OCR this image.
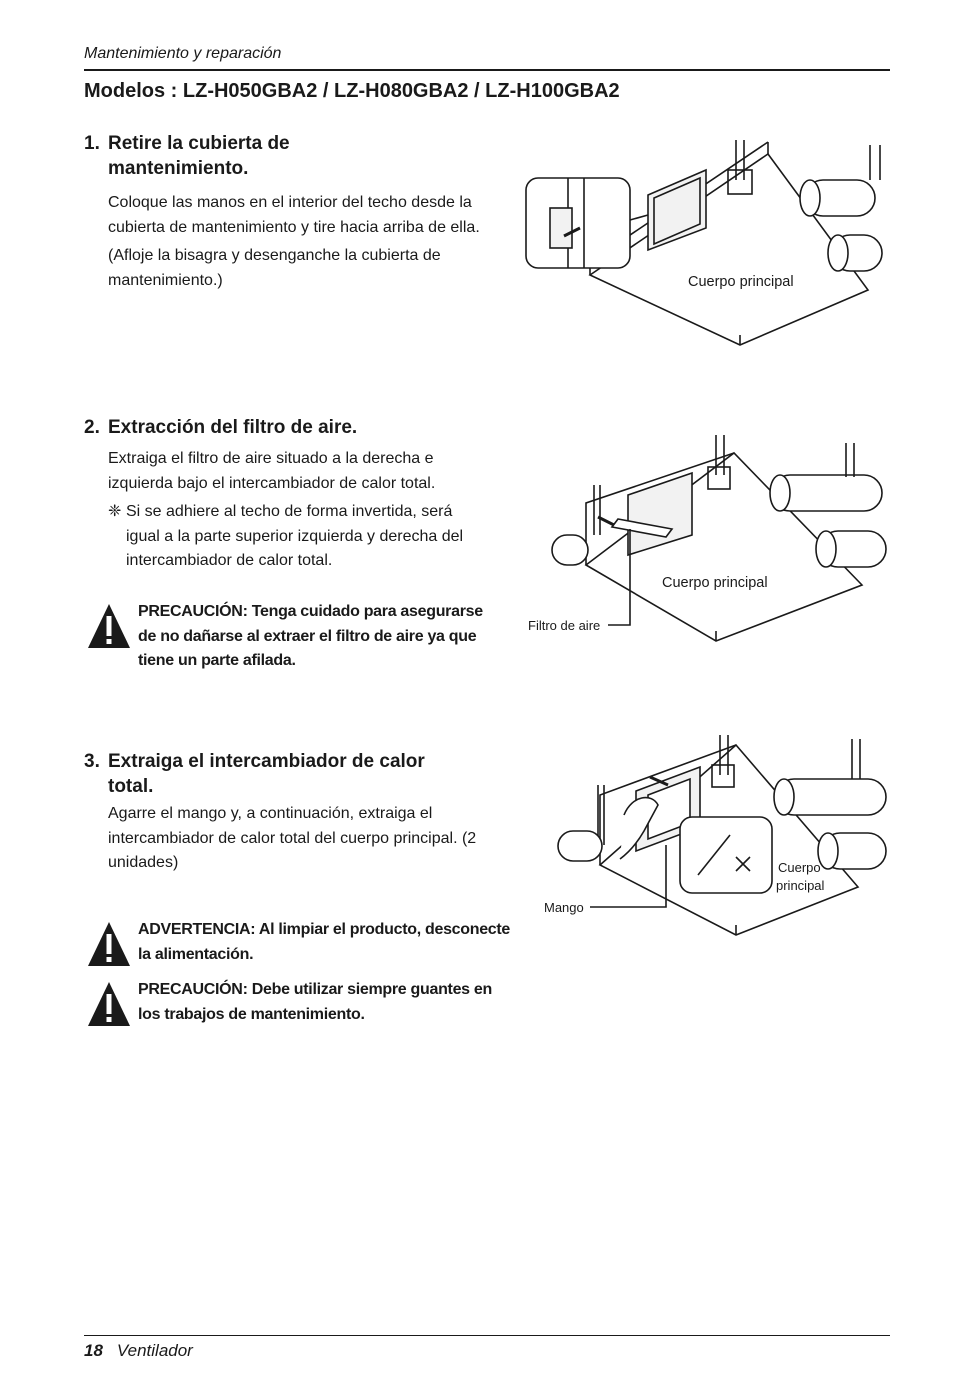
Mantenimiento y reparación
Modelos : LZ-H050GBA2 / LZ-H080GBA2 / LZ-H100GBA2
1. Retire la cubierta de
mantenimiento.

Coloque las manos en el interior del techo desde la cubierta de mantenimiento y tire hacia arriba de ella.

(Afloje la bisagra y desenganche la cubierta de mantenimiento.)	Cuerpo principal
2. Extracción del filtro de aire.

Extraiga el filtro de aire situado a la derecha e izquierda bajo el intercambiador de calor total.

❈ Si se adhiere al techo de forma invertida, será igual a la parte superior izquierda y derecha del intercambiador de calor total.
PRECAUCIÓN: Tenga cuidado para asegurarse de no dañarse al extraer el filtro de aire ya que tiene un parte afilada.
Cuerpo principal
Filtro de aire
3. Extraiga el intercambiador de calor
total.

Agarre el mango y, a continuación, extraiga el intercambiador de calor total del cuerpo principal. (2 unidades)

ADVERTENCIA: Al limpiar el producto, desconecte la alimentación.
PRECAUCIÓN: Debe utilizar siempre guantes en los trabajos de mantenimiento.
Cuerpo
principal
Mango
18 Ventilador
